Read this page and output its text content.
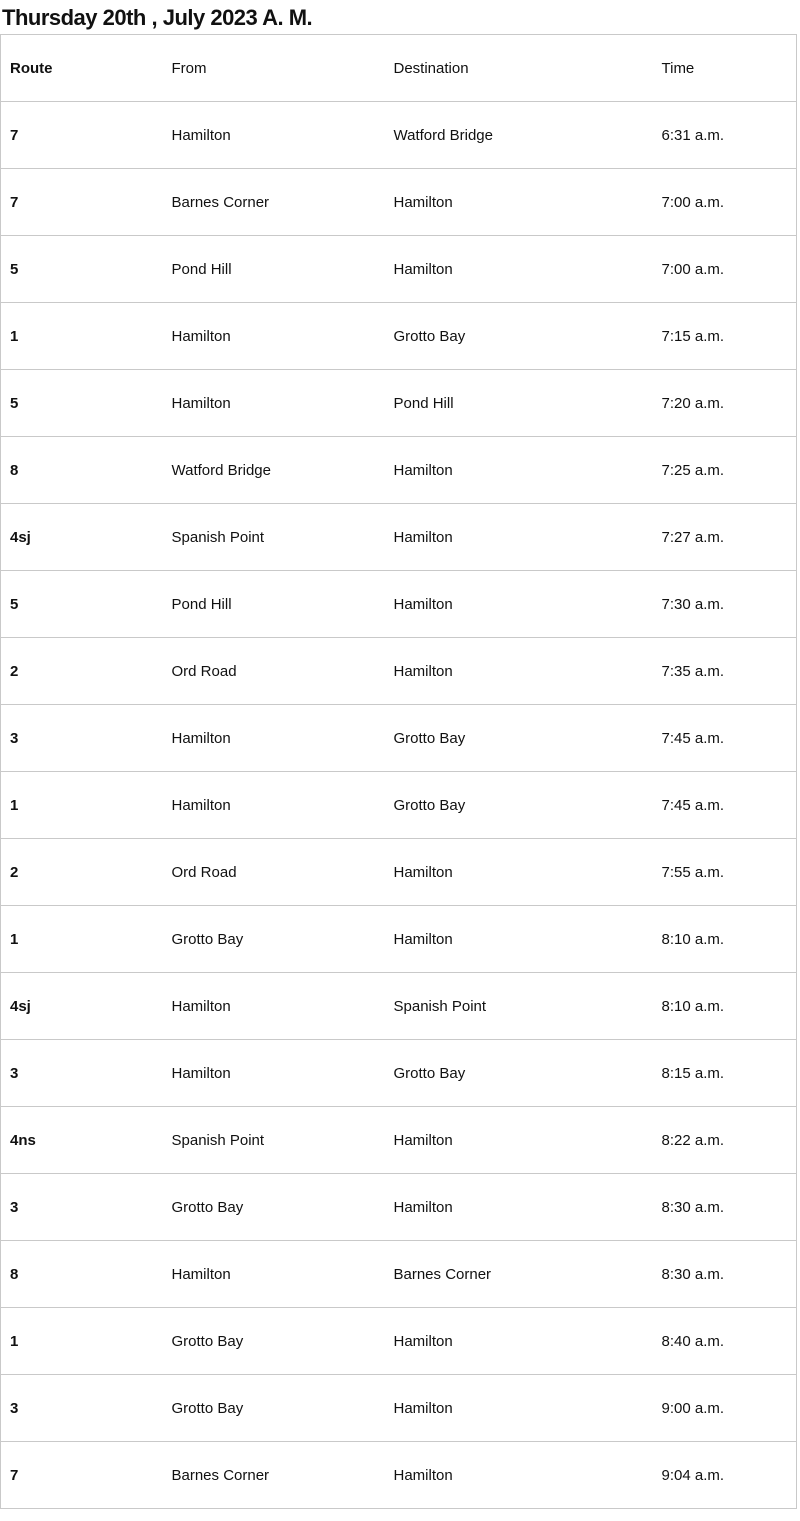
Thursday 20th , July 2023 A. M.
Route	From	Destination	Time
7	Hamilton	Watford Bridge	6:31 a.m.
7	Barnes Corner	Hamilton	7:00 a.m.
5	Pond Hill	Hamilton	7:00 a.m.
1	Hamilton	Grotto Bay	7:15 a.m.
5	Hamilton	Pond Hill	7:20 a.m.
8	Watford Bridge	Hamilton	7:25 a.m.
4sj	Spanish Point	Hamilton	7:27 a.m.
5	Pond Hill	Hamilton	7:30 a.m.
2	Ord Road	Hamilton	7:35 a.m.
3	Hamilton	Grotto Bay	7:45 a.m.
1	Hamilton	Grotto Bay	7:45 a.m.
2	Ord Road	Hamilton	7:55 a.m.
1	Grotto Bay	Hamilton	8:10 a.m.
4sj	Hamilton	Spanish Point	8:10 a.m.
3	Hamilton	Grotto Bay	8:15 a.m.
4ns	Spanish Point	Hamilton	8:22 a.m.
3	Grotto Bay	Hamilton	8:30 a.m.
8	Hamilton	Barnes Corner	8:30 a.m.
1	Grotto Bay	Hamilton	8:40 a.m.
3	Grotto Bay	Hamilton	9:00 a.m.
7	Barnes Corner	Hamilton	9:04 a.m.
